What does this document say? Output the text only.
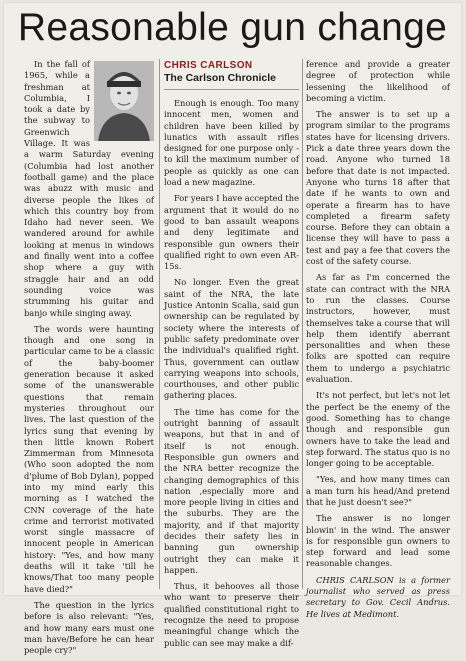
Reasonable gun change

In the fall of 1965, while a freshman at Columbia, I took a date by the subway to Greenwich Village. It was a warm Saturday evening (Columbia had lost another football game) and the place was abuzz with music and diverse people the likes of which this country boy from Idaho had never seen. We wandered around for awhile looking at menus in windows and finally went into a coffee shop where a guy with straggle hair and an odd sounding voice was strumming his guitar and banjo while singing away.

The words were haunting though and one song in particular came to be a classic of the baby-boomer generation because it asked some of the unanswerable questions that remain mysteries throughout our lives. The last question of the lyrics sung that evening by then little known Robert Zimmerman from Minnesota (Who soon adopted the nom d'plume of Bob Dylan), popped into my mind early this morning as I watched the CNN coverage of the hate crime and terrorist motivated worst single massacre of innocent people in American history: "Yes, and how many deaths will it take 'till he knows/That too many people have died?"

The question in the lyrics before is also relevant: "Yes, and how many ears must one man have/Before he can hear people cry?"

CHRIS CARLSON
The Carlson Chronicle

Enough is enough. Too many innocent men, women and children have been killed by lunatics with assault rifles designed for one purpose only - to kill the maximum number of people as quickly as one can load a new magazine.

For years I have accepted the argument that it would do no good to ban assault weapons and deny legitimate and responsible gun owners their qualified right to own even AR-15s.

No longer. Even the great saint of the NRA, the late Justice Antonin Scalia, said gun ownership can be regulated by society where the interests of public safety predominate over the individual's qualified right. Thus, government can outlaw carrying weapons into schools, courthouses, and other public gathering places.

The time has come for the outright banning of assault weapons, but that in and of itself is not enough. Responsible gun owners and the NRA better recognize the changing demographics of this nation ,especially more and more people living in cities and the suburbs. They are the majority, and if that majority decides their safety lies in banning gun ownership outright they can make it happen.

Thus, it behooves all those who want to preserve their qualified constitutional right to recognize the need to propose meaningful change which the public can see may make a dif-

ference and provide a greater degree of protection while lessening the likelihood of becoming a victim.

The answer is to set up a program similar to the programs states have for licensing drivers. Pick a date three years down the road. Anyone who turned 18 before that date is not impacted. Anyone who turns 18 after that date if he wants to own and operate a firearm has to have completed a firearm safety course. Before they can obtain a license they will have to pass a test and pay a fee that covers the cost of the safety course.

As far as I'm concerned the state can contract with the NRA to run the classes. Course instructors, however, must themselves take a course that will help them identify aberrant personalities and when these folks are spotted can require them to undergo a psychiatric evaluation.

It's not perfect, but let's not let the perfect be the enemy of the good. Something has to change though and responsible gun owners have to take the lead and step forward. The status quo is no longer going to be acceptable.

"Yes, and how many times can a man turn his head/And pretend that he just doesn't see?"

The answer is no longer blowin' in the wind. The answer is for responsible gun owners to step forward and lead some reasonable changes.

CHRIS CARLSON is a former journalist who served as press secretary to Gov. Cecil Andrus. He lives at Medimont.
